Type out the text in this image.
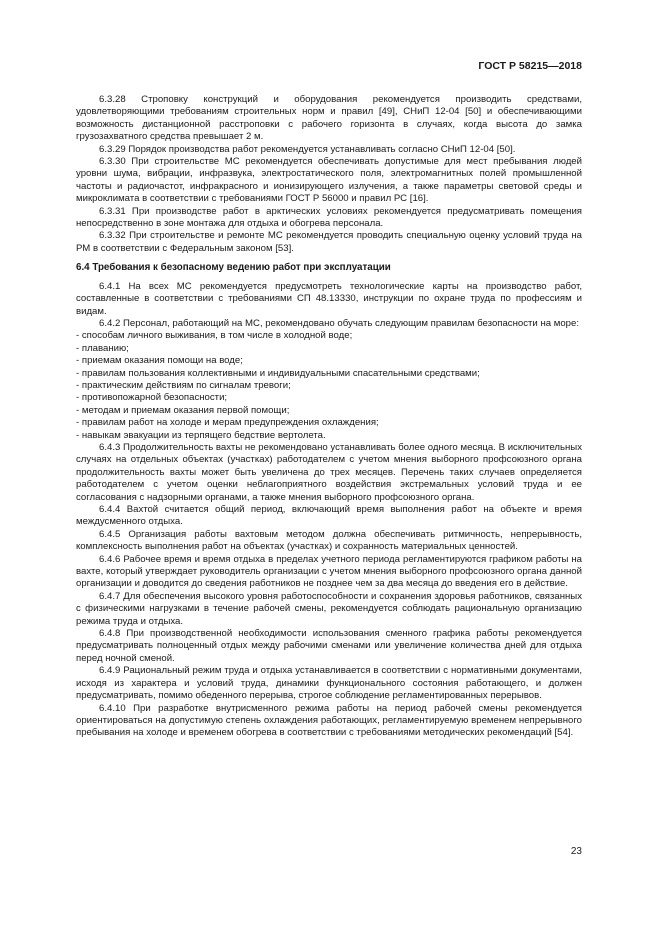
ГОСТ Р 58215—2018

6.3.28 Строповку конструкций и оборудования рекомендуется производить средствами, удовлетворяющими требованиям строительных норм и правил [49], СНиП 12-04 [50] и обеспечивающими возможность дистанционной расстроповки с рабочего горизонта в случаях, когда высота до замка грузозахватного средства превышает 2 м.

6.3.29 Порядок производства работ рекомендуется устанавливать согласно СНиП 12-04 [50].

6.3.30 При строительстве МС рекомендуется обеспечивать допустимые для мест пребывания людей уровни шума, вибрации, инфразвука, электростатического поля, электромагнитных полей промышленной частоты и радиочастот, инфракрасного и ионизирующего излучения, а также параметры световой среды и микроклимата в соответствии с требованиями ГОСТ Р 56000 и правил РС [16].

6.3.31 При производстве работ в арктических условиях рекомендуется предусматривать помещения непосредственно в зоне монтажа для отдыха и обогрева персонала.

6.3.32 При строительстве и ремонте МС рекомендуется проводить специальную оценку условий труда на РМ в соответствии с Федеральным законом [53].

6.4 Требования к безопасному ведению работ при эксплуатации

6.4.1 На всех МС рекомендуется предусмотреть технологические карты на производство работ, составленные в соответствии с требованиями СП 48.13330, инструкции по охране труда по профессиям и видам.

6.4.2 Персонал, работающий на МС, рекомендовано обучать следующим правилам безопасности на море:

- способам личного выживания, в том числе в холодной воде;
- плаванию;
- приемам оказания помощи на воде;
- правилам пользования коллективными и индивидуальными спасательными средствами;
- практическим действиям по сигналам тревоги;
- противопожарной безопасности;
- методам и приемам оказания первой помощи;
- правилам работ на холоде и мерам предупреждения охлаждения;
- навыкам эвакуации из терпящего бедствие вертолета.

6.4.3 Продолжительность вахты не рекомендовано устанавливать более одного месяца. В исключительных случаях на отдельных объектах (участках) работодателем с учетом мнения выборного профсоюзного органа продолжительность вахты может быть увеличена до трех месяцев. Перечень таких случаев определяется работодателем с учетом оценки неблагоприятного воздействия экстремальных условий труда и ее согласования с надзорными органами, а также мнения выборного профсоюзного органа.

6.4.4 Вахтой считается общий период, включающий время выполнения работ на объекте и время междусменного отдыха.

6.4.5 Организация работы вахтовым методом должна обеспечивать ритмичность, непрерывность, комплексность выполнения работ на объектах (участках) и сохранность материальных ценностей.

6.4.6 Рабочее время и время отдыха в пределах учетного периода регламентируются графиком работы на вахте, который утверждает руководитель организации с учетом мнения выборного профсоюзного органа данной организации и доводится до сведения работников не позднее чем за два месяца до введения его в действие.

6.4.7 Для обеспечения высокого уровня работоспособности и сохранения здоровья работников, связанных с физическими нагрузками в течение рабочей смены, рекомендуется соблюдать рациональную организацию режима труда и отдыха.

6.4.8 При производственной необходимости использования сменного графика работы рекомендуется предусматривать полноценный отдых между рабочими сменами или увеличение количества дней для отдыха перед ночной сменой.

6.4.9 Рациональный режим труда и отдыха устанавливается в соответствии с нормативными документами, исходя из характера и условий труда, динамики функционального состояния работающего, и должен предусматривать, помимо обеденного перерыва, строгое соблюдение регламентированных перерывов.

6.4.10 При разработке внутрисменного режима работы на период рабочей смены рекомендуется ориентироваться на допустимую степень охлаждения работающих, регламентируемую временем непрерывного пребывания на холоде и временем обогрева в соответствии с требованиями методических рекомендаций [54].

23
